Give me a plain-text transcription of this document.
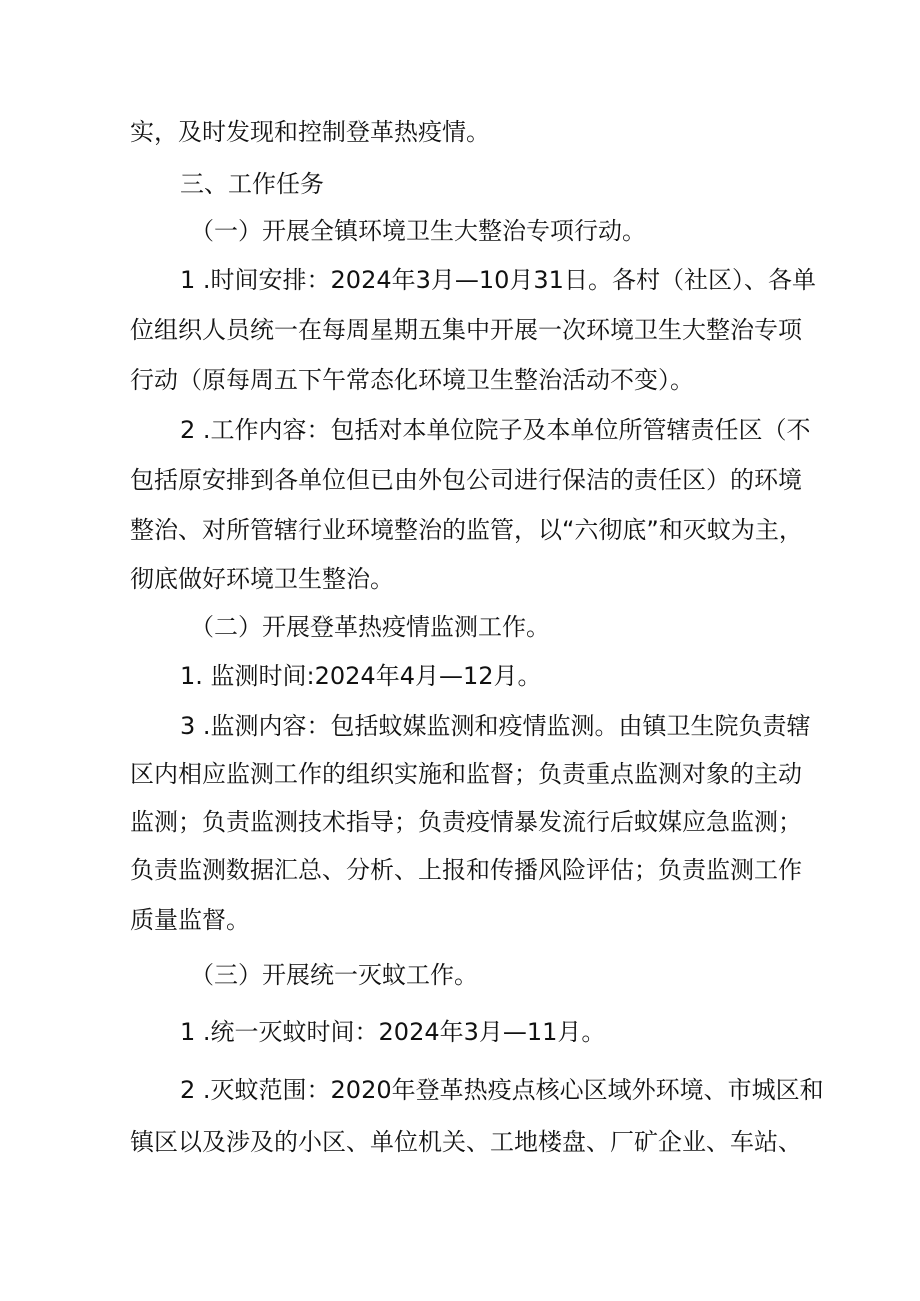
实，及时发现和控制登革热疫情。

三、工作任务

（一）开展全镇环境卫生大整治专项行动。

1 .时间安排：2024年3月—10月31日。各村（社区）、各单

位组织人员统一在每周星期五集中开展一次环境卫生大整治专项

行动（原每周五下午常态化环境卫生整治活动不变）。

2 .工作内容：包括对本单位院子及本单位所管辖责任区（不

包括原安排到各单位但已由外包公司进行保洁的责任区）的环境

整治、对所管辖行业环境整治的监管，以“六彻底”和灭蚊为主，

彻底做好环境卫生整治。

（二）开展登革热疫情监测工作。

1. 监测时间:2024年4月—12月。

3 .监测内容：包括蚊媒监测和疫情监测。由镇卫生院负责辖

区内相应监测工作的组织实施和监督；负责重点监测对象的主动

监测；负责监测技术指导；负责疫情暴发流行后蚊媒应急监测；

负责监测数据汇总、分析、上报和传播风险评估；负责监测工作

质量监督。

（三）开展统一灭蚊工作。

1 .统一灭蚊时间：2024年3月—11月。

2 .灭蚊范围：2020年登革热疫点核心区域外环境、市城区和

镇区以及涉及的小区、单位机关、工地楼盘、厂矿企业、车站、
